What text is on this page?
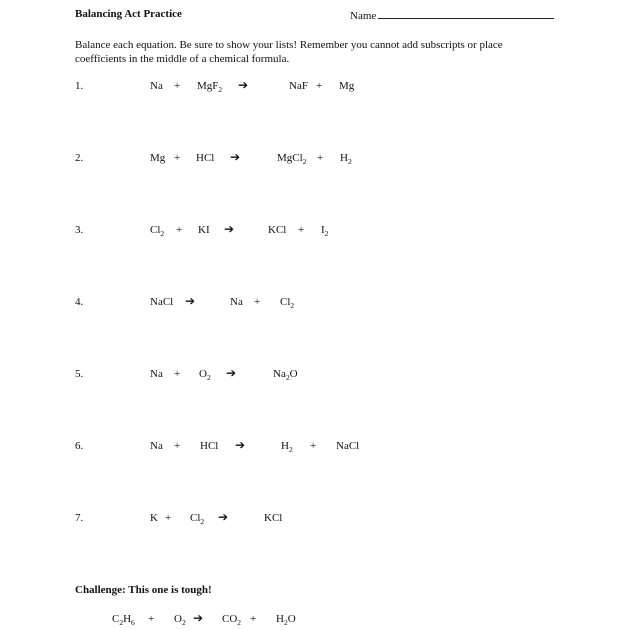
Balancing Act Practice	Name
Balance each equation. Be sure to show your lists! Remember you cannot add subscripts or place coefficients in the middle of a chemical formula.
1.	Na + MgF$_2$ ➔	NaF + Mg
2.	Mg + HCl ➔	MgCl$_2$ + $H_2$
3.	$Cl_2$ + KI ➔	KCl + $I_2$
4.	NaCl ➔	$Na + Cl_2$
5.	$Na + O_2$ ➔	$Na_2O$
6.	Na + HCl ➔	$H_2$ + NaCl
7.	$K + Cl_2$ ➔	KCl
Challenge: This one is tough!
$C_2H_6 + O_2$ ➔ $CO_2 + H_2O$
